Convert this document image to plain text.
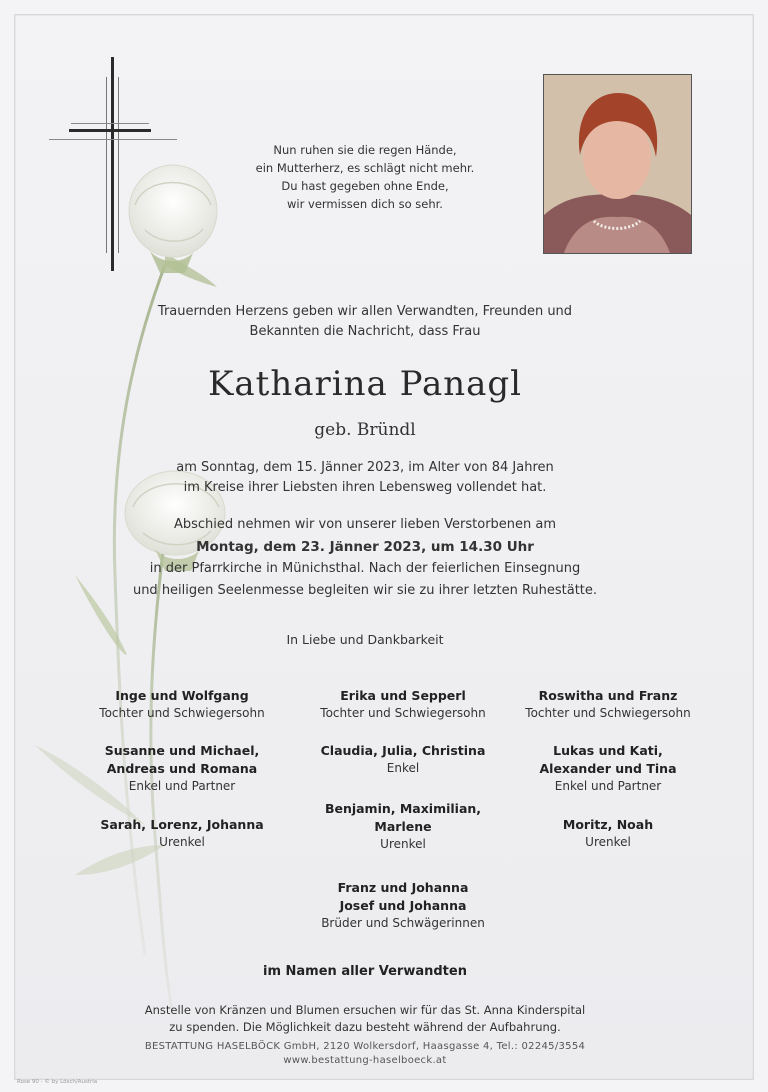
Nun ruhen sie die regen Hände,
ein Mutterherz, es schlägt nicht mehr.
Du hast gegeben ohne Ende,
wir vermissen dich so sehr.
Trauernden Herzens geben wir allen Verwandten, Freunden und
Bekannten die Nachricht, dass Frau
Katharina Panagl
geb. Bründl
am Sonntag, dem 15. Jänner 2023, im Alter von 84 Jahren
im Kreise ihrer Liebsten ihren Lebensweg vollendet hat.
Abschied nehmen wir von unserer lieben Verstorbenen am
Montag, dem 23. Jänner 2023, um 14.30 Uhr
in der Pfarrkirche in Münichsthal. Nach der feierlichen Einsegnung
und heiligen Seelenmesse begleiten wir sie zu ihrer letzten Ruhestätte.
In Liebe und Dankbarkeit
Inge und Wolfgang
Tochter und Schwiegersohn
Erika und Sepperl
Tochter und Schwiegersohn
Roswitha und Franz
Tochter und Schwiegersohn
Susanne und Michael,
Andreas und Romana
Enkel und Partner
Claudia, Julia, Christina
Enkel
Lukas und Kati,
Alexander und Tina
Enkel und Partner
Sarah, Lorenz, Johanna
Urenkel
Benjamin, Maximilian,
Marlene
Urenkel
Moritz, Noah
Urenkel
Franz und Johanna
Josef und Johanna
Brüder und Schwägerinnen
im Namen aller Verwandten
Anstelle von Kränzen und Blumen ersuchen wir für das St. Anna Kinderspital
zu spenden. Die Möglichkeit dazu besteht während der Aufbahrung.
BESTATTUNG HASELBÖCK GmbH, 2120 Wolkersdorf, Haasgasse 4, Tel.: 02245/3554
www.bestattung-haselboeck.at
Rose 90 - © by Lösch/Austria
